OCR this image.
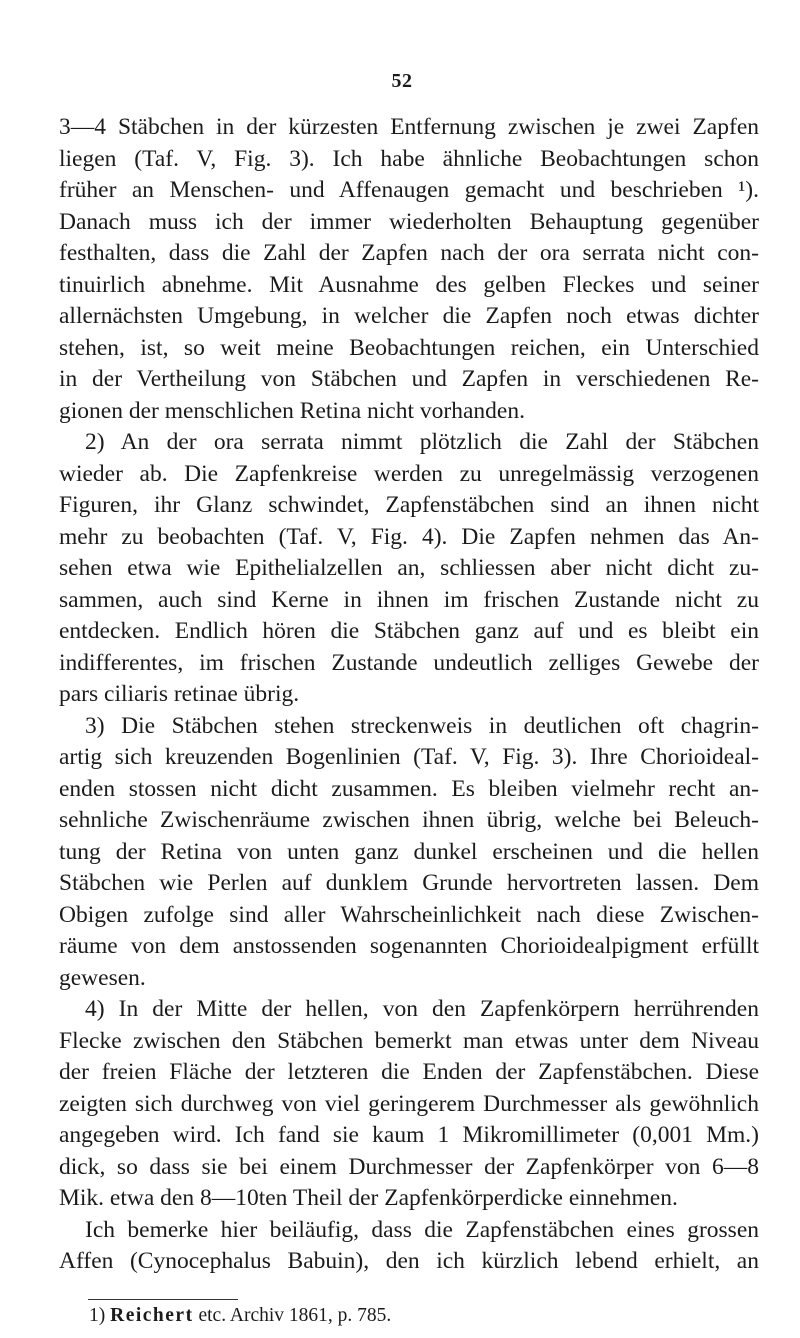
52
3—4 Stäbchen in der kürzesten Entfernung zwischen je zwei Zapfen
liegen (Taf. V, Fig. 3). Ich habe ähnliche Beobachtungen schon
früher an Menschen- und Affenaugen gemacht und beschrieben ¹).
Danach muss ich der immer wiederholten Behauptung gegenüber
festhalten, dass die Zahl der Zapfen nach der ora serrata nicht con-
tinuirlich abnehme. Mit Ausnahme des gelben Fleckes und seiner
allernächsten Umgebung, in welcher die Zapfen noch etwas dichter
stehen, ist, so weit meine Beobachtungen reichen, ein Unterschied
in der Vertheilung von Stäbchen und Zapfen in verschiedenen Re-
gionen der menschlichen Retina nicht vorhanden.
2) An der ora serrata nimmt plötzlich die Zahl der Stäbchen
wieder ab. Die Zapfenkreise werden zu unregelmässig verzogenen
Figuren, ihr Glanz schwindet, Zapfenstäbchen sind an ihnen nicht
mehr zu beobachten (Taf. V, Fig. 4). Die Zapfen nehmen das An-
sehen etwa wie Epithelialzellen an, schliessen aber nicht dicht zu-
sammen, auch sind Kerne in ihnen im frischen Zustande nicht zu
entdecken. Endlich hören die Stäbchen ganz auf und es bleibt ein
indifferentes, im frischen Zustande undeutlich zelliges Gewebe der
pars ciliaris retinae übrig.
3) Die Stäbchen stehen streckenweis in deutlichen oft chagrin-
artig sich kreuzenden Bogenlinien (Taf. V, Fig. 3). Ihre Chorioideal-
enden stossen nicht dicht zusammen. Es bleiben vielmehr recht an-
sehnliche Zwischenräume zwischen ihnen übrig, welche bei Beleuch-
tung der Retina von unten ganz dunkel erscheinen und die hellen
Stäbchen wie Perlen auf dunklem Grunde hervortreten lassen. Dem
Obigen zufolge sind aller Wahrscheinlichkeit nach diese Zwischen-
räume von dem anstossenden sogenannten Chorioidealpigment erfüllt
gewesen.
4) In der Mitte der hellen, von den Zapfenkörpern herrührenden
Flecke zwischen den Stäbchen bemerkt man etwas unter dem Niveau
der freien Fläche der letzteren die Enden der Zapfenstäbchen. Diese
zeigten sich durchweg von viel geringerem Durchmesser als gewöhnlich
angegeben wird. Ich fand sie kaum 1 Mikromillimeter (0,001 Mm.)
dick, so dass sie bei einem Durchmesser der Zapfenkörper von 6—8
Mik. etwa den 8—10ten Theil der Zapfenkörperdicke einnehmen.
Ich bemerke hier beiläufig, dass die Zapfenstäbchen eines grossen
Affen (Cynocephalus Babuin), den ich kürzlich lebend erhielt, an
1) Reichert etc. Archiv 1861, p. 785.
